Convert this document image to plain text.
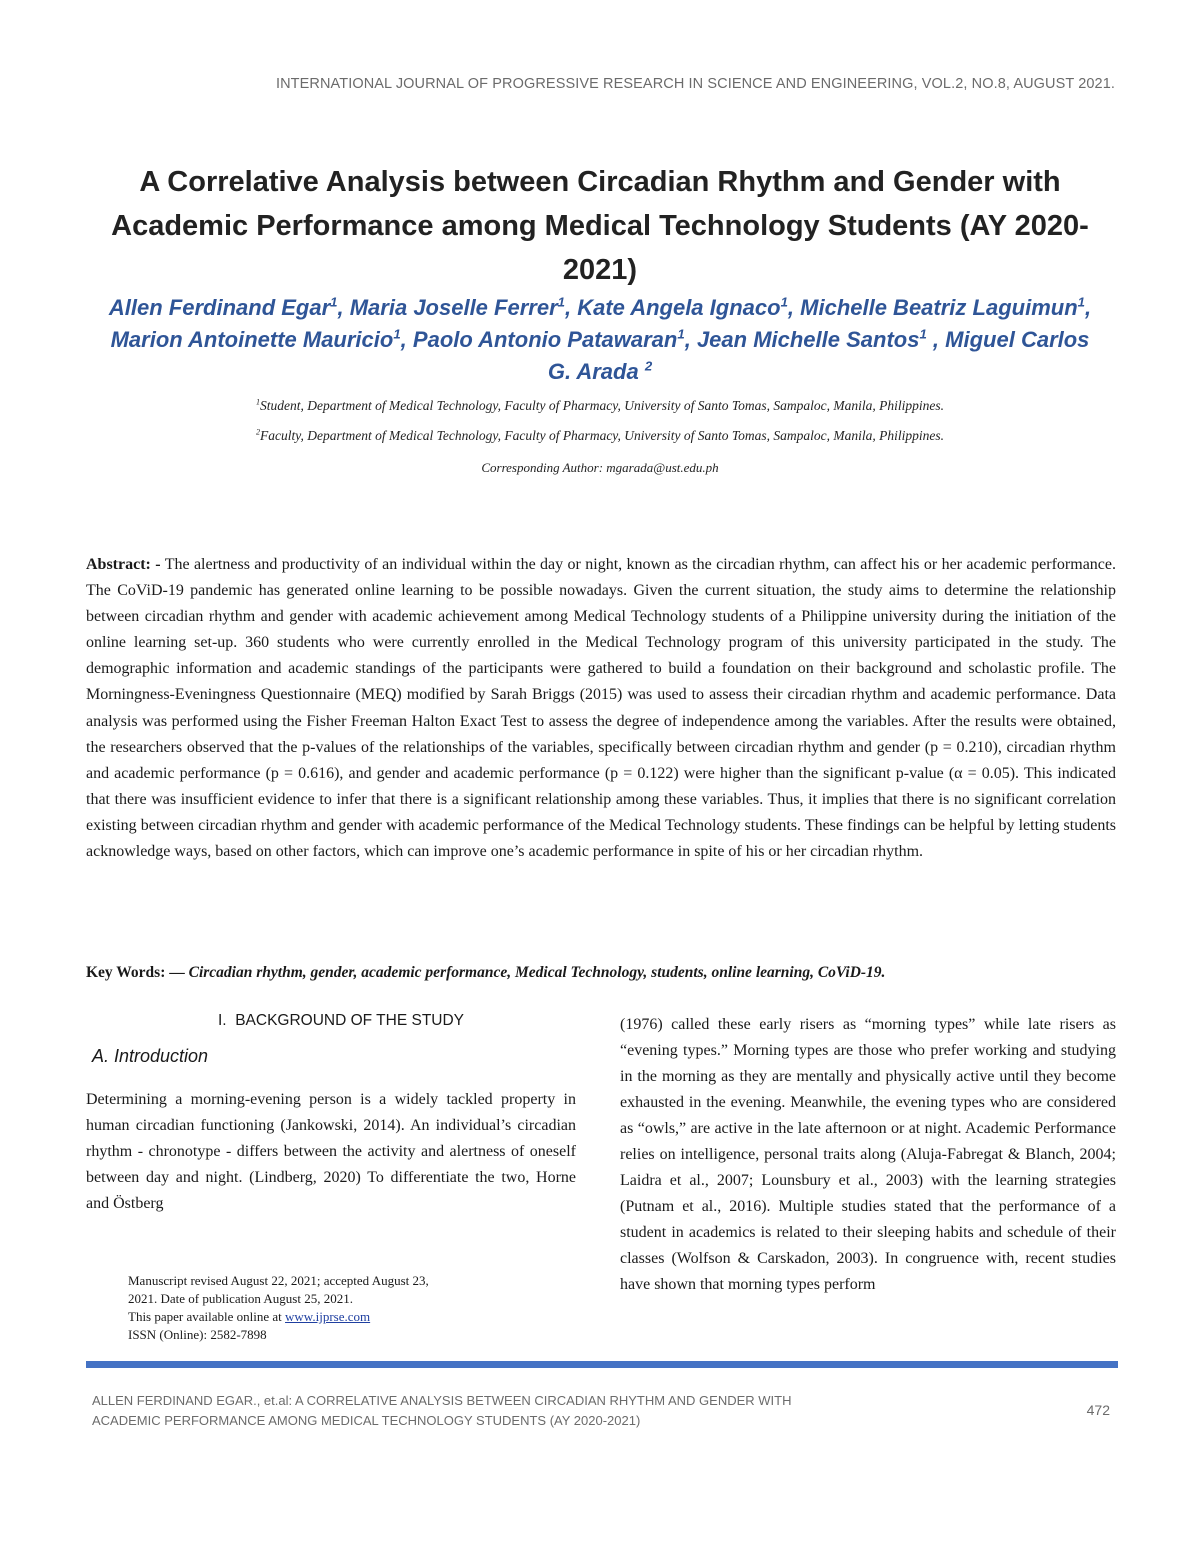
INTERNATIONAL JOURNAL OF PROGRESSIVE RESEARCH IN SCIENCE AND ENGINEERING, VOL.2, NO.8, AUGUST 2021.
A Correlative Analysis between Circadian Rhythm and Gender with Academic Performance among Medical Technology Students (AY 2020-2021)
Allen Ferdinand Egar$^1$, Maria Joselle Ferrer$^1$, Kate Angela Ignaco$^1$, Michelle Beatriz Laguimun$^1$, Marion Antoinette Mauricio$^1$, Paolo Antonio Patawaran$^1$, Jean Michelle Santos$^1$ , Miguel Carlos G. Arada $^2$
$^1$Student, Department of Medical Technology, Faculty of Pharmacy, University of Santo Tomas, Sampaloc, Manila, Philippines.
$^2$Faculty, Department of Medical Technology, Faculty of Pharmacy, University of Santo Tomas, Sampaloc, Manila, Philippines.
Corresponding Author: mgarada@ust.edu.ph

Abstract: - The alertness and productivity of an individual within the day or night, known as the circadian rhythm, can affect his or her academic performance. The CoViD-19 pandemic has generated online learning to be possible nowadays. Given the current situation, the study aims to determine the relationship between circadian rhythm and gender with academic achievement among Medical Technology students of a Philippine university during the initiation of the online learning set-up. 360 students who were currently enrolled in the Medical Technology program of this university participated in the study. The demographic information and academic standings of the participants were gathered to build a foundation on their background and scholastic profile. The Morningness-Eveningness Questionnaire (MEQ) modified by Sarah Briggs (2015) was used to assess their circadian rhythm and academic performance. Data analysis was performed using the Fisher Freeman Halton Exact Test to assess the degree of independence among the variables. After the results were obtained, the researchers observed that the p-values of the relationships of the variables, specifically between circadian rhythm and gender (p = 0.210), circadian rhythm and academic performance (p = 0.616), and gender and academic performance (p = 0.122) were higher than the significant p-value (α = 0.05). This indicated that there was insufficient evidence to infer that there is a significant relationship among these variables. Thus, it implies that there is no significant correlation existing between circadian rhythm and gender with academic performance of the Medical Technology students. These findings can be helpful by letting students acknowledge ways, based on other factors, which can improve one’s academic performance in spite of his or her circadian rhythm.

Key Words: — Circadian rhythm, gender, academic performance, Medical Technology, students, online learning, CoViD-19.
I. BACKGROUND OF THE STUDY
A. Introduction

Determining a morning-evening person is a widely tackled property in human circadian functioning (Jankowski, 2014). An individual’s circadian rhythm - chronotype - differs between the activity and alertness of oneself between day and night. (Lindberg, 2020) To differentiate the two, Horne and Östberg

Manuscript revised August 22, 2021; accepted August 23,
2021. Date of publication August 25, 2021.
This paper available online at www.ijprse.com
ISSN (Online): 2582-7898

(1976) called these early risers as “morning types” while late risers as “evening types.” Morning types are those who prefer working and studying in the morning as they are mentally and physically active until they become exhausted in the evening. Meanwhile, the evening types who are considered as “owls,” are active in the late afternoon or at night. Academic Performance relies on intelligence, personal traits along (Aluja-Fabregat & Blanch, 2004; Laidra et al., 2007; Lounsbury et al., 2003) with the learning strategies (Putnam et al., 2016). Multiple studies stated that the performance of a student in academics is related to their sleeping habits and schedule of their classes (Wolfson & Carskadon, 2003). In congruence with, recent studies have shown that morning types perform

ALLEN FERDINAND EGAR., et.al: A CORRELATIVE ANALYSIS BETWEEN CIRCADIAN RHYTHM AND GENDER WITH
ACADEMIC PERFORMANCE AMONG MEDICAL TECHNOLOGY STUDENTS (AY 2020-2021)
472
